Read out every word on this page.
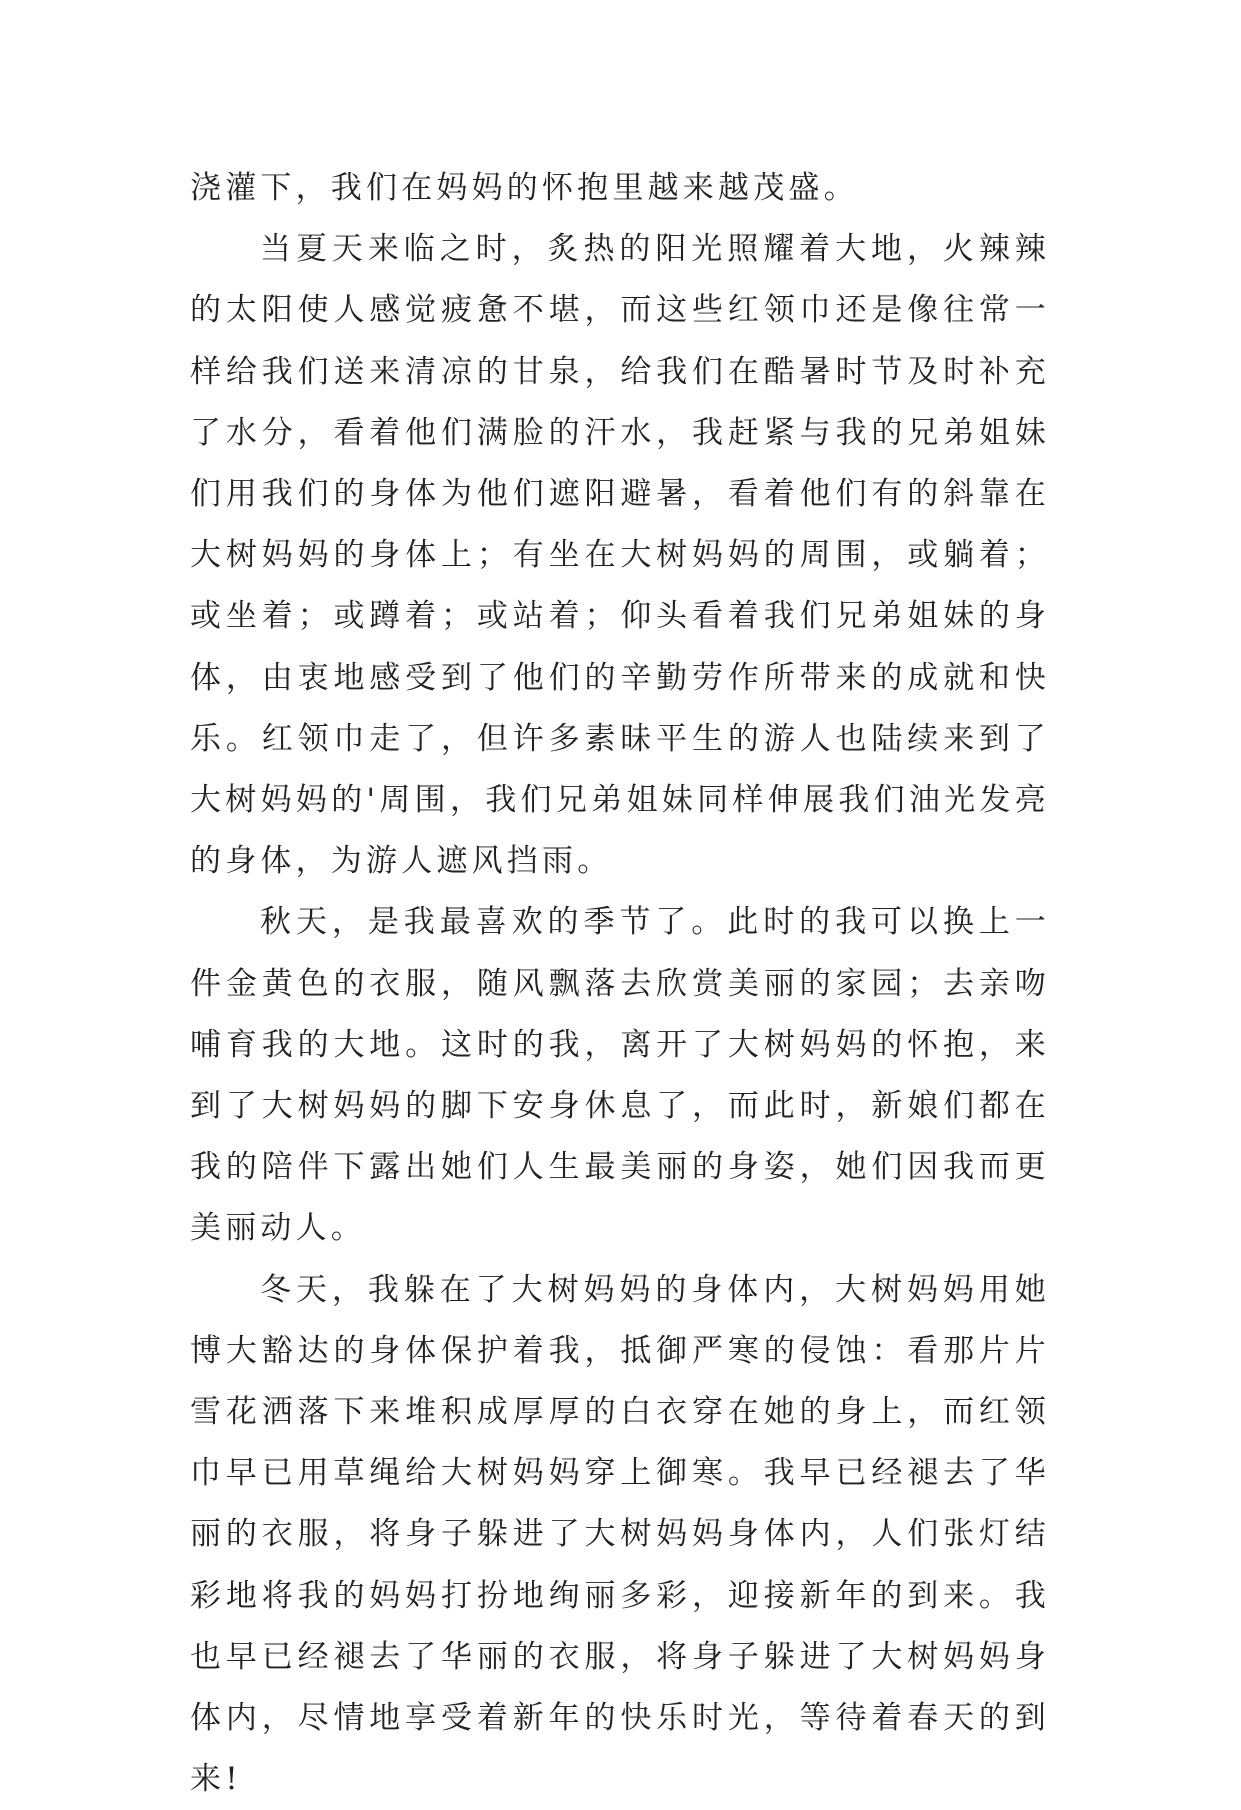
浇灌下，我们在妈妈的怀抱里越来越茂盛。

当夏天来临之时，炙热的阳光照耀着大地，火辣辣的太阳使人感觉疲惫不堪，而这些红领巾还是像往常一样给我们送来清凉的甘泉，给我们在酷暑时节及时补充了水分，看着他们满脸的汗水，我赶紧与我的兄弟姐妹们用我们的身体为他们遮阳避暑，看着他们有的斜靠在大树妈妈的身体上；有坐在大树妈妈的周围，或躺着；或坐着；或蹲着；或站着；仰头看着我们兄弟姐妹的身体，由衷地感受到了他们的辛勤劳作所带来的成就和快乐。红领巾走了，但许多素昧平生的游人也陆续来到了大树妈妈的'周围，我们兄弟姐妹同样伸展我们油光发亮的身体，为游人遮风挡雨。

秋天，是我最喜欢的季节了。此时的我可以换上一件金黄色的衣服，随风飘落去欣赏美丽的家园；去亲吻哺育我的大地。这时的我，离开了大树妈妈的怀抱，来到了大树妈妈的脚下安身休息了，而此时，新娘们都在我的陪伴下露出她们人生最美丽的身姿，她们因我而更美丽动人。

冬天，我躲在了大树妈妈的身体内，大树妈妈用她博大豁达的身体保护着我，抵御严寒的侵蚀：看那片片雪花洒落下来堆积成厚厚的白衣穿在她的身上，而红领巾早已用草绳给大树妈妈穿上御寒。我早已经褪去了华丽的衣服，将身子躲进了大树妈妈身体内，人们张灯结彩地将我的妈妈打扮地绚丽多彩，迎接新年的到来。我也早已经褪去了华丽的衣服，将身子躲进了大树妈妈身体内，尽情地享受着新年的快乐时光，等待着春天的到来!
